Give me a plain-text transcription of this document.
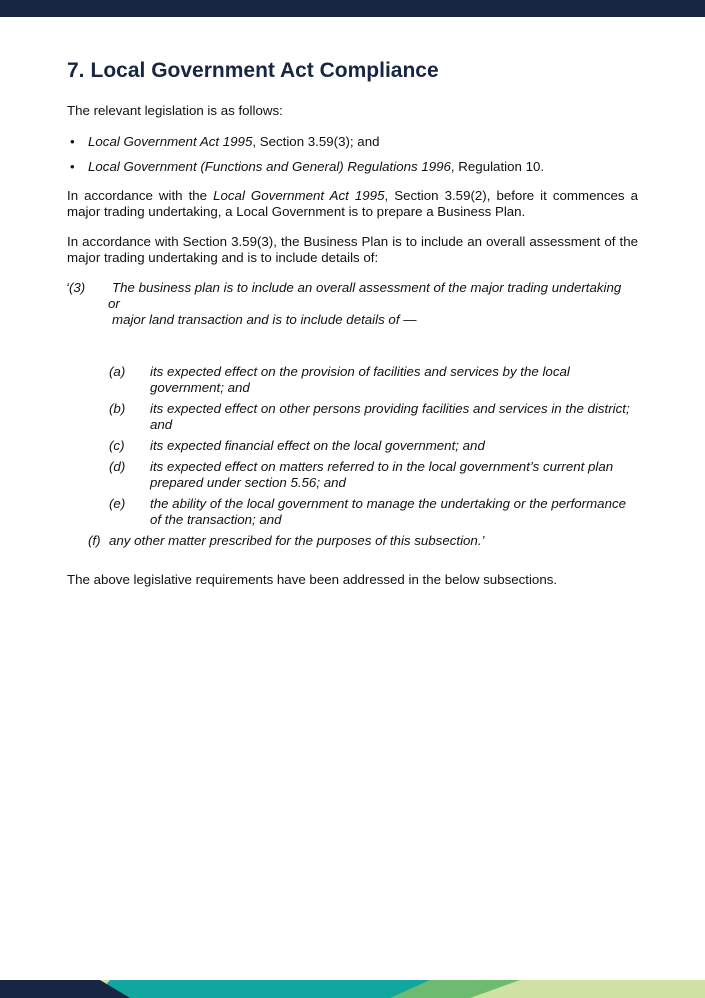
7. Local Government Act Compliance

The relevant legislation is as follows:

• Local Government Act 1995, Section 3.59(3); and
• Local Government (Functions and General) Regulations 1996, Regulation 10.

In accordance with the Local Government Act 1995, Section 3.59(2), before it commences a major trading undertaking, a Local Government is to prepare a Business Plan.

In accordance with Section 3.59(3), the Business Plan is to include an overall assessment of the major trading undertaking and is to include details of:

‘(3)	The business plan is to include an overall assessment of the major trading undertaking or
major land transaction and is to include details of —
(a) its expected effect on the provision of facilities and services by the local government; and
(b) its expected effect on other persons providing facilities and services in the district; and
(c) its expected financial effect on the local government; and
(d) its expected effect on matters referred to in the local government’s current plan prepared under section 5.56; and
(e) the ability of the local government to manage the undertaking or the performance of the transaction; and
(f) any other matter prescribed for the purposes of this subsection.’

The above legislative requirements have been addressed in the below subsections.
